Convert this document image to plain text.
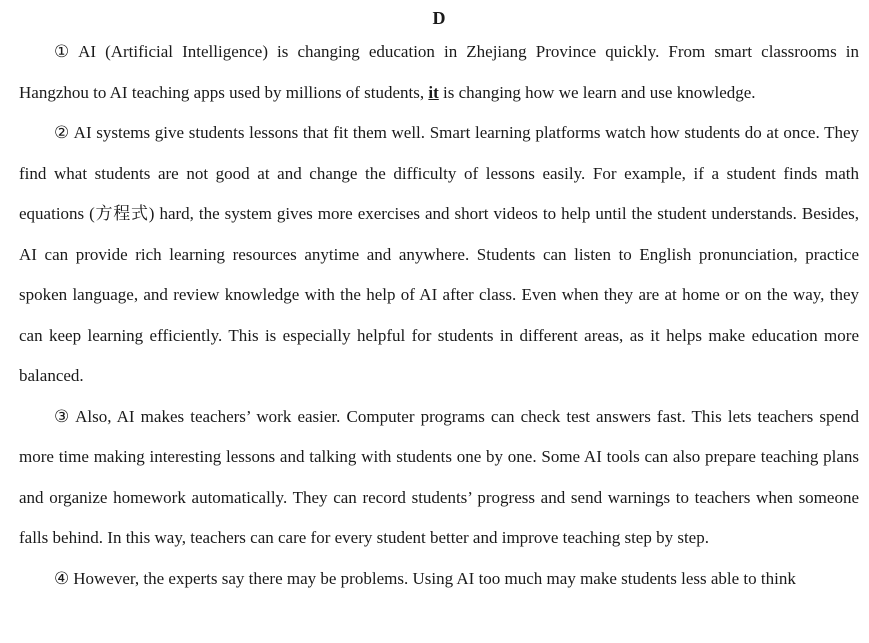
D

① AI (Artificial Intelligence) is changing education in Zhejiang Province quickly. From smart classrooms in Hangzhou to AI teaching apps used by millions of students, it is changing how we learn and use knowledge.

② AI systems give students lessons that fit them well. Smart learning platforms watch how students do at once. They find what students are not good at and change the difficulty of lessons easily. For example, if a student finds math equations (方程式) hard, the system gives more exercises and short videos to help until the student understands. Besides, AI can provide rich learning resources anytime and anywhere. Students can listen to English pronunciation, practice spoken language, and review knowledge with the help of AI after class. Even when they are at home or on the way, they can keep learning efficiently. This is especially helpful for students in different areas, as it helps make education more balanced.

③ Also, AI makes teachers’ work easier. Computer programs can check test answers fast. This lets teachers spend more time making interesting lessons and talking with students one by one. Some AI tools can also prepare teaching plans and organize homework automatically. They can record students’ progress and send warnings to teachers when someone falls behind. In this way, teachers can care for every student better and improve teaching step by step.

④ However, the experts say there may be problems. Using AI too much may make students less able to think
